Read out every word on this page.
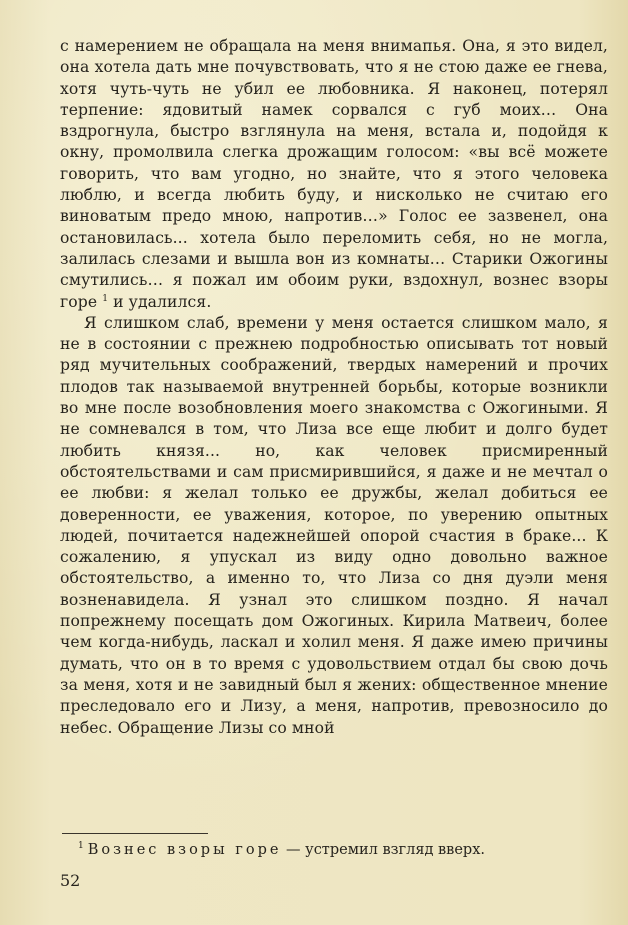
с намерением не обращала на меня внимапья. Она, я это видел, она хотела дать мне почувствовать, что я не стою даже ее гнева, хотя чуть-чуть не убил ее любовника. Я наконец, потерял терпение: ядовитый намек сорвался с губ моих… Она вздрогнула, быстро взглянула на меня, встала и, подойдя к окну, промолвила слегка дрожащим голосом: «вы всё можете говорить, что вам угодно, но знайте, что я этого человека люблю, и всегда любить буду, и нисколько не считаю его виноватым предо мною, напротив…» Голос ее зазвенел, она остановилась... хотела было переломить себя, но не могла, залилась слезами и вышла вон из комнаты… Старики Ожогины смутились… я пожал им обоим руки, вздохнул, вознес взоры горе $^1$ и удалился.

Я слишком слаб, времени у меня остается слишком мало, я не в состоянии с прежнею подробностью описывать тот новый ряд мучительных соображений, твердых намерений и прочих плодов так называемой внутренней борьбы, которые возникли во мне после возобновления моего знакомства с Ожогиными. Я не сомневался в том, что Лиза все еще любит и долго будет любить князя... но, как человек присмиренный обстоятельствами и сам присмирившийся, я даже и не мечтал о ее любви: я желал только ее дружбы, желал добиться ее доверенности, ее уважения, которое, по уверению опытных людей, почитается надежнейшей опорой счастия в браке... К сожалению, я упускал из виду одно довольно важное обстоятельство, а именно то, что Лиза со дня дуэли меня возненавидела. Я узнал это слишком поздно. Я начал попрежнему посещать дом Ожогиных. Кирила Матвеич, более чем когда-нибудь, ласкал и холил меня. Я даже имею причины думать, что он в то время с удовольствием отдал бы свою дочь за меня, хотя и не завидный был я жених: общественное мнение преследовало его и Лизу, а меня, напротив, превозносило до небес. Обращение Лизы со мной

$^1$ Вознес взоры горе — устремил взгляд вверх.
52
